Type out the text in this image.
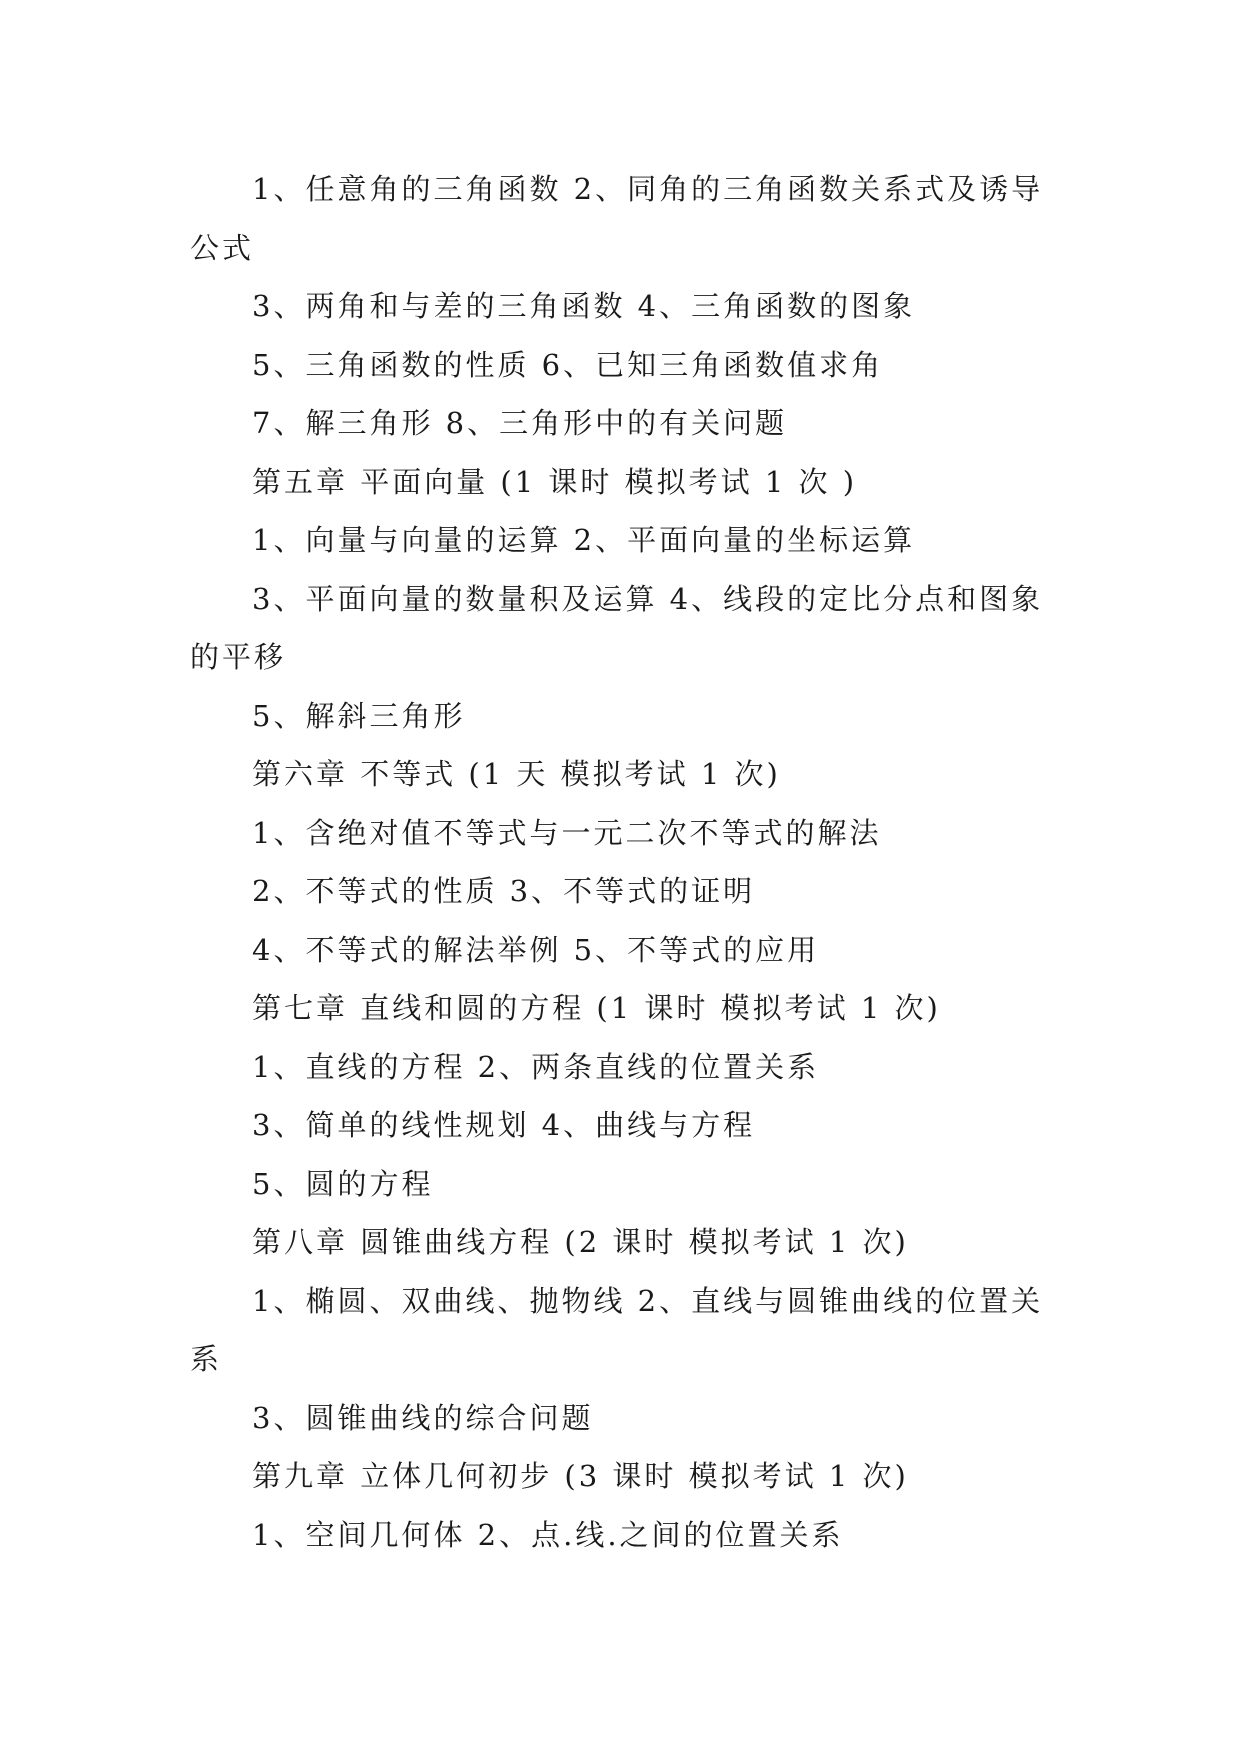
1、任意角的三角函数 2、同角的三角函数关系式及诱导公式

3、两角和与差的三角函数 4、三角函数的图象

5、三角函数的性质 6、已知三角函数值求角

7、解三角形 8、三角形中的有关问题

第五章 平面向量 (1 课时 模拟考试 1 次 )

1、向量与向量的运算 2、平面向量的坐标运算

3、平面向量的数量积及运算 4、线段的定比分点和图象的平移

5、解斜三角形

第六章 不等式 (1 天 模拟考试 1 次)

1、含绝对值不等式与一元二次不等式的解法

2、不等式的性质 3、不等式的证明

4、不等式的解法举例 5、不等式的应用

第七章 直线和圆的方程 (1 课时 模拟考试 1 次)

1、直线的方程 2、两条直线的位置关系

3、简单的线性规划 4、曲线与方程

5、圆的方程

第八章 圆锥曲线方程 (2 课时 模拟考试 1 次)

1、椭圆、双曲线、抛物线 2、直线与圆锥曲线的位置关系

3、圆锥曲线的综合问题

第九章 立体几何初步 (3 课时 模拟考试 1 次)

1、空间几何体 2、点.线.之间的位置关系
